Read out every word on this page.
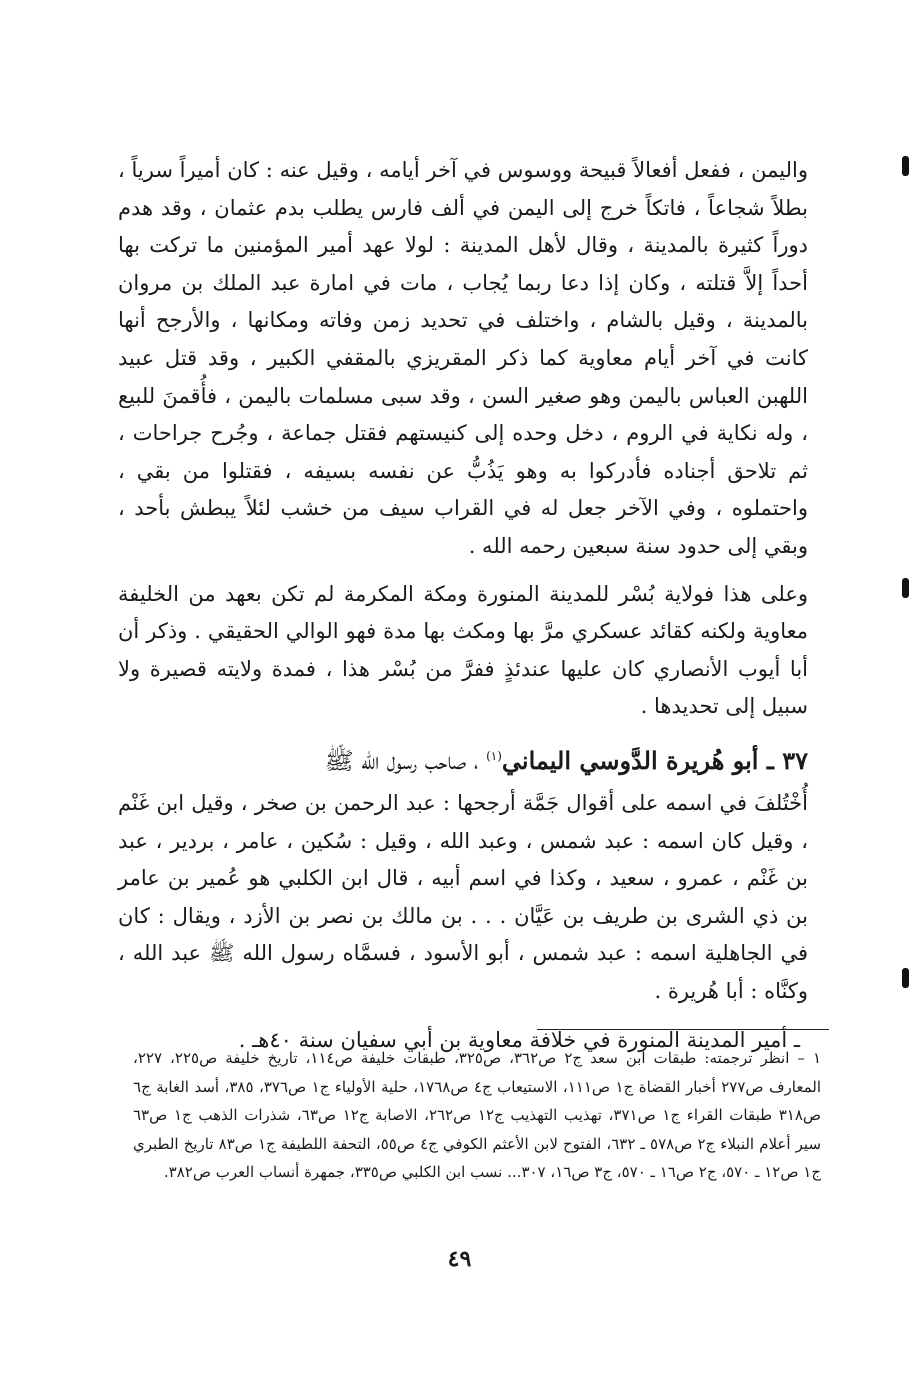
واليمن ، ففعل أفعالاً قبيحة ووسوس في آخر أيامه ، وقيل عنه : كان أميراً سرياً ، بطلاً شجاعاً ، فاتكاً خرج إلى اليمن في ألف فارس يطلب بدم عثمان ، وقد هدم دوراً كثيرة بالمدينة ، وقال لأهل المدينة : لولا عهد أمير المؤمنين ما تركت بها أحداً إلاَّ قتلته ، وكان إذا دعا ربما يُجاب ، مات في امارة عبد الملك بن مروان بالمدينة ، وقيل بالشام ، واختلف في تحديد زمن وفاته ومكانها ، والأرجح أنها كانت في آخر أيام معاوية كما ذكر المقريزي بالمقفي الكبير ، وقد قتل عبيد اللهبن العباس باليمن وهو صغير السن ، وقد سبى مسلمات باليمن ، فأُقمنَ للبيع ، وله نكاية في الروم ، دخل وحده إلى كنيستهم فقتل جماعة ، وجُرح جراحات ، ثم تلاحق أجناده فأدركوا به وهو يَذُبُّ عن نفسه بسيفه ، فقتلوا من بقي ، واحتملوه ، وفي الآخر جعل له في القراب سيف من خشب لئلاً يبطش بأحد ، وبقي إلى حدود سنة سبعين رحمه الله .

وعلى هذا فولاية بُسْر للمدينة المنورة ومكة المكرمة لم تكن بعهد من الخليفة معاوية ولكنه كقائد عسكري مرَّ بها ومكث بها مدة فهو الوالي الحقيقي . وذكر أن أبا أيوب الأنصاري كان عليها عندئذٍ ففرَّ من بُسْر هذا ، فمدة ولايته قصيرة ولا سبيل إلى تحديدها .

٣٧ ـ أبو هُريرة الدَّوسي اليماني$^{(١)}$ ، صاحب رسول الله ﷺ

أُخْتُلفَ في اسمه على أقوال جَمَّة أرجحها : عبد الرحمن بن صخر ، وقيل ابن غَنْم ، وقيل كان اسمه : عبد شمس ، وعبد الله ، وقيل : سُكين ، عامر ، بردير ، عبد بن غَنْم ، عمرو ، سعيد ، وكذا في اسم أبيه ، قال ابن الكلبي هو عُمير بن عامر بن ذي الشرى بن طريف بن عَيَّان . . . بن مالك بن نصر بن الأزد ، ويقال : كان في الجاهلية اسمه : عبد شمس ، أبو الأسود ، فسمَّاه رسول الله ﷺ عبد الله ، وكنَّاه : أبا هُريرة .

ـ أمير المدينة المنورة في خلافة معاوية بن أبي سفيان سنة ٤٠هـ .

١ – انظر ترجمته: طبقات ابن سعد ج٢ ص٣٦٢، ص٣٢٥، طبقات خليفة ص١١٤، تاريخ خليفة ص٢٢٥، ٢٢٧، المعارف ص٢٧٧ أخبار القضاة ج١ ص١١١، الاستيعاب ج٤ ص١٧٦٨، حلية الأولياء ج١ ص٣٧٦، ٣٨٥، أسد الغابة ج٦ ص٣١٨ طبقات القراء ج١ ص٣٧١، تهذيب التهذيب ج١٢ ص٢٦٢، الاصابة ج١٢ ص٦٣، شذرات الذهب ج١ ص٦٣ سير أعلام النبلاء ج٢ ص٥٧٨ ـ ٦٣٢، الفتوح لابن الأعثم الكوفي ج٤ ص٥٥، التحفة اللطيفة ج١ ص٨٣ تاريخ الطبري ج١ ص١٢ ـ ٥٧٠، ج٢ ص١٦ ـ ٥٧٠، ج٣ ص١٦، ٣٠٧... نسب ابن الكلبي ص٣٣٥، جمهرة أنساب العرب ص٣٨٢.
٤٩
